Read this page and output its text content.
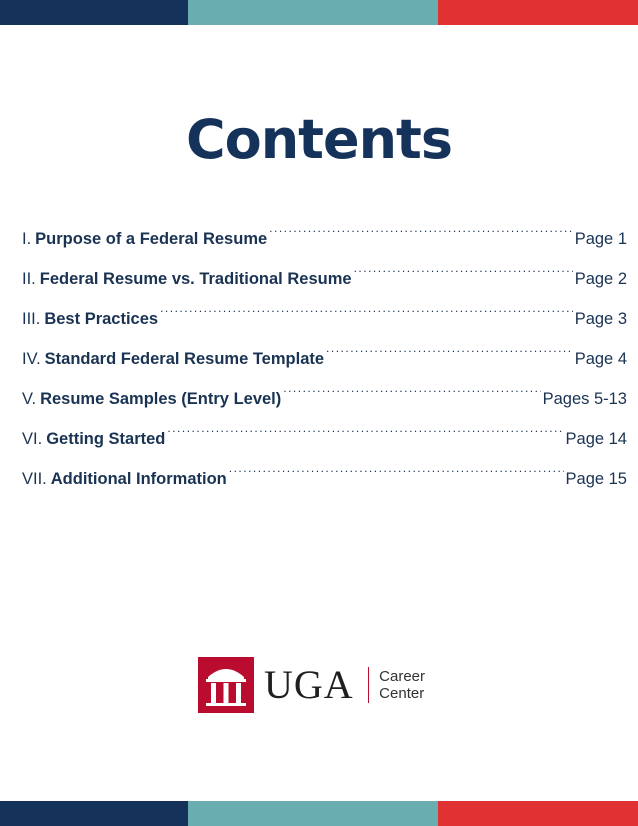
Contents
I. Purpose of a Federal Resume .....	Page 1
II. Federal Resume vs. Traditional Resume .....	Page 2
III. Best Practices .....	Page 3
IV. Standard Federal Resume Template .....	Page 4
V. Resume Samples (Entry Level) .....	Pages 5-13
VI. Getting Started .....	Page 14
VII. Additional Information .....	Page 15
UGA Career
Center
